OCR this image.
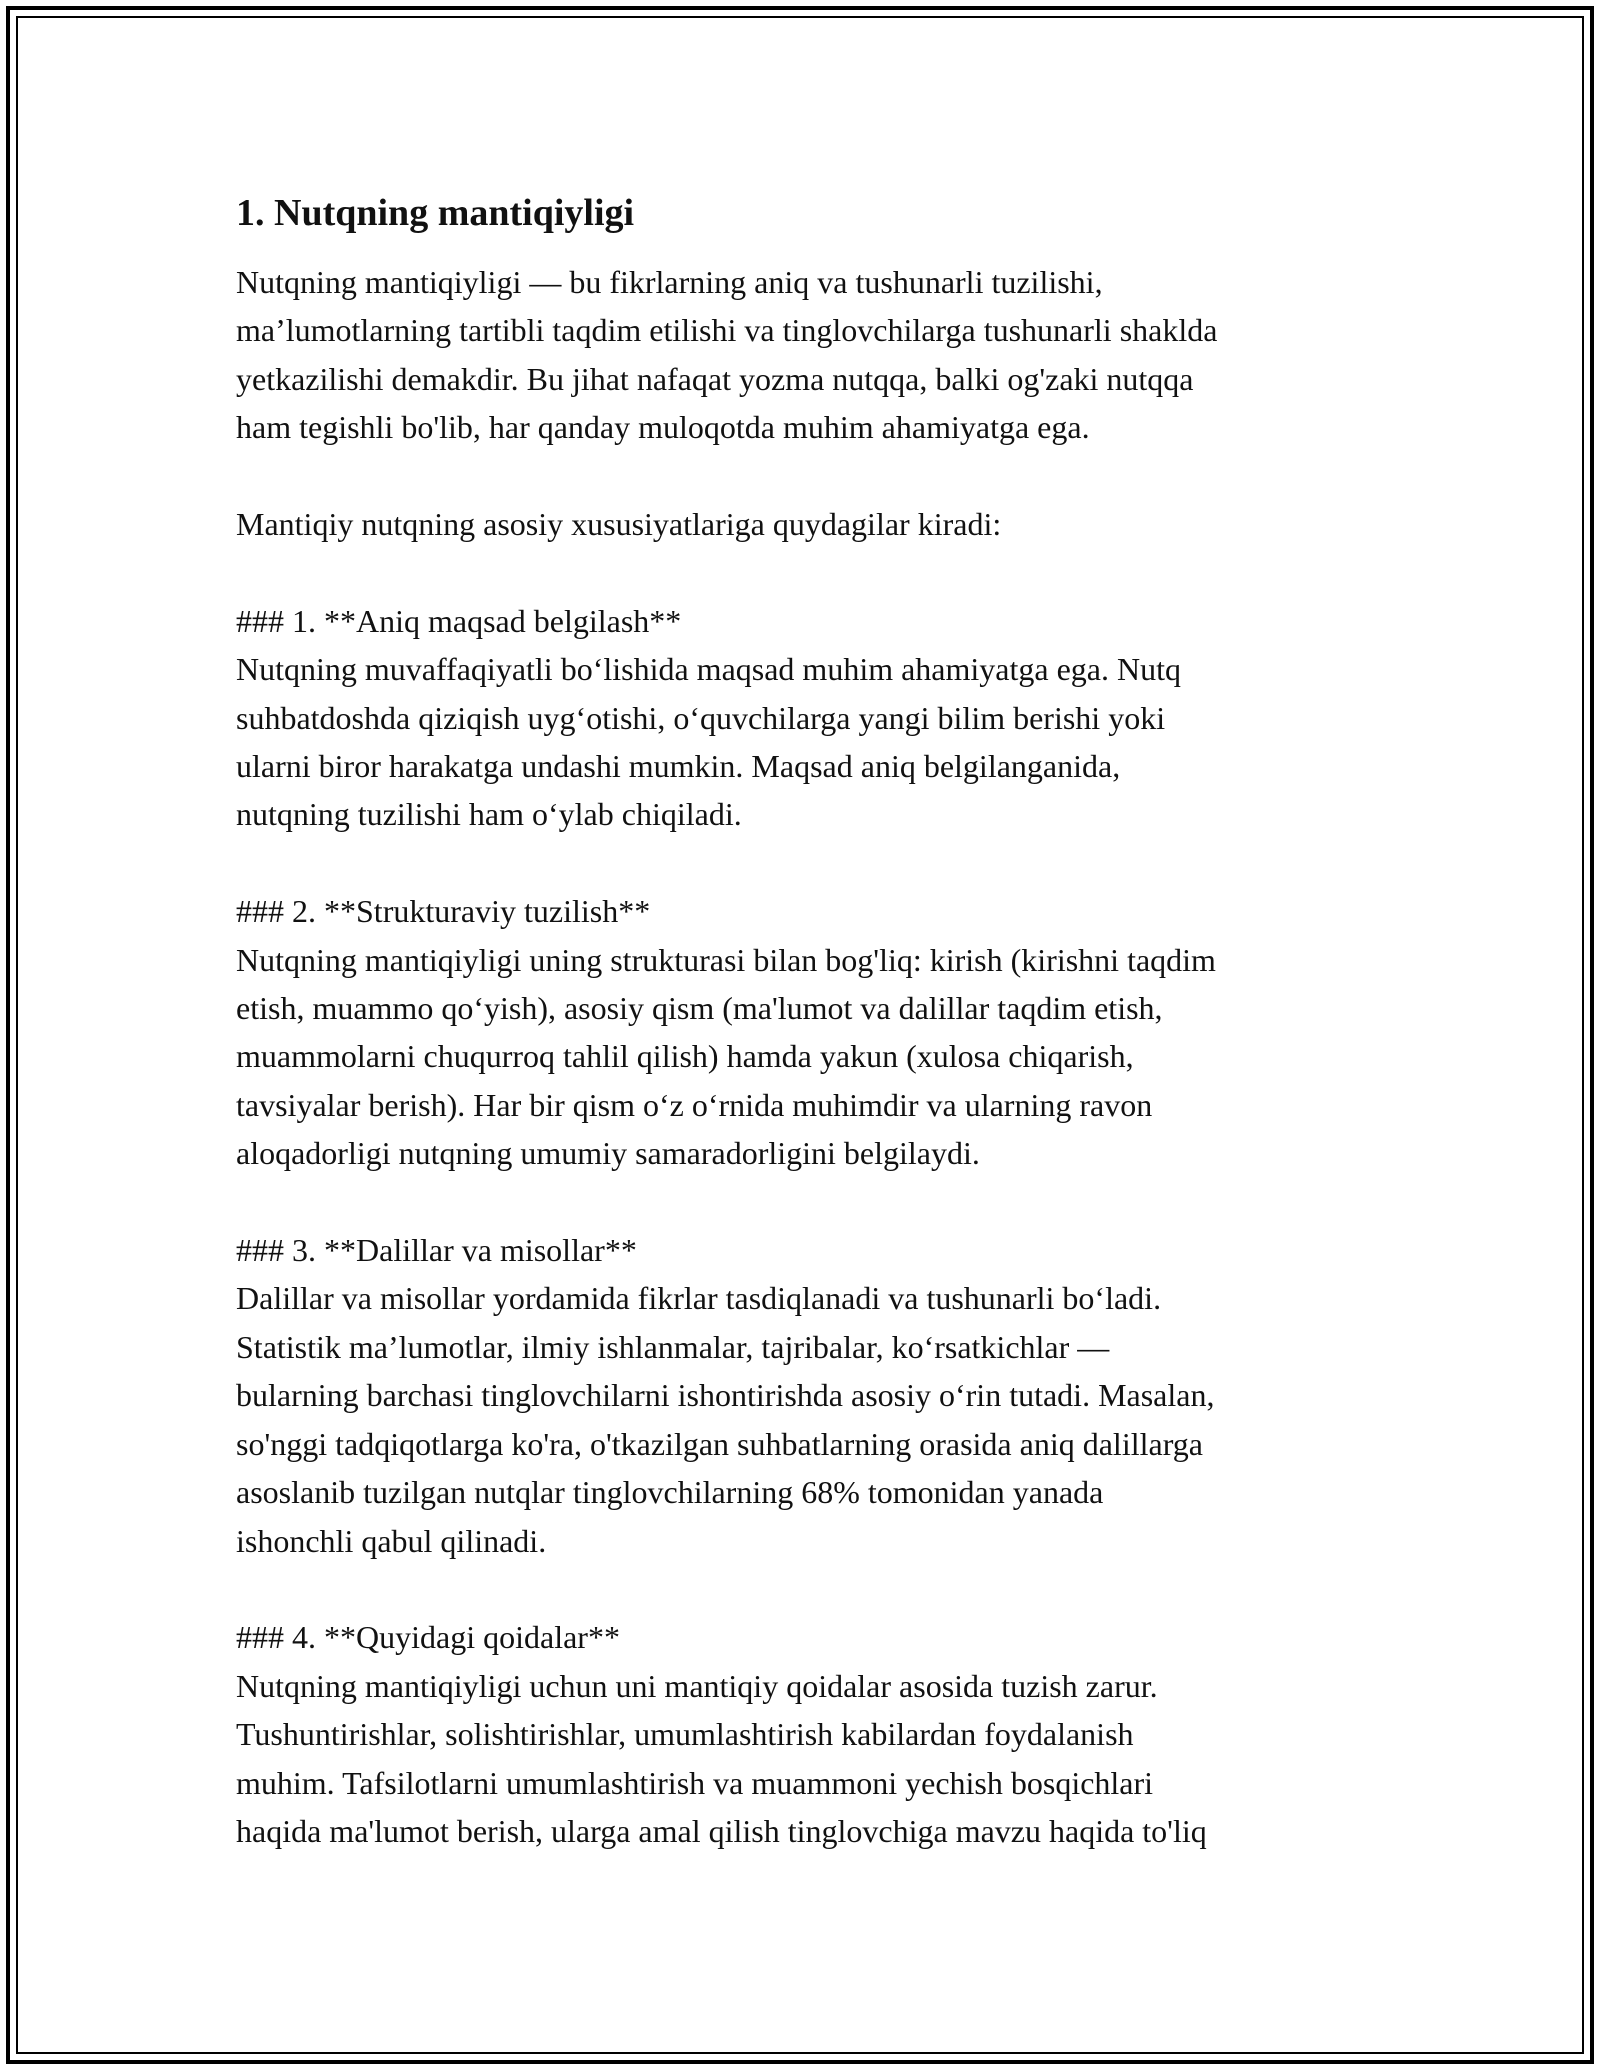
1. Nutqning mantiqiyligi
Nutqning mantiqiyligi — bu fikrlarning aniq va tushunarli tuzilishi,
ma’lumotlarning tartibli taqdim etilishi va tinglovchilarga tushunarli shaklda
yetkazilishi demakdir. Bu jihat nafaqat yozma nutqqa, balki og'zaki nutqqa
ham tegishli bo'lib, har qanday muloqotda muhim ahamiyatga ega.
Mantiqiy nutqning asosiy xususiyatlariga quydagilar kiradi:
### 1. **Aniq maqsad belgilash**
Nutqning muvaffaqiyatli boʻlishida maqsad muhim ahamiyatga ega. Nutq
suhbatdoshda qiziqish uygʻotishi, oʻquvchilarga yangi bilim berishi yoki
ularni biror harakatga undashi mumkin. Maqsad aniq belgilanganida,
nutqning tuzilishi ham oʻylab chiqiladi.
### 2. **Strukturaviy tuzilish**
Nutqning mantiqiyligi uning strukturasi bilan bog'liq: kirish (kirishni taqdim
etish, muammo qoʻyish), asosiy qism (ma'lumot va dalillar taqdim etish,
muammolarni chuqurroq tahlil qilish) hamda yakun (xulosa chiqarish,
tavsiyalar berish). Har bir qism oʻz oʻrnida muhimdir va ularning ravon
aloqadorligi nutqning umumiy samaradorligini belgilaydi.
### 3. **Dalillar va misollar**
Dalillar va misollar yordamida fikrlar tasdiqlanadi va tushunarli boʻladi.
Statistik ma’lumotlar, ilmiy ishlanmalar, tajribalar, koʻrsatkichlar —
bularning barchasi tinglovchilarni ishontirishda asosiy oʻrin tutadi. Masalan,
so'nggi tadqiqotlarga ko'ra, o'tkazilgan suhbatlarning orasida aniq dalillarga
asoslanib tuzilgan nutqlar tinglovchilarning 68% tomonidan yanada
ishonchli qabul qilinadi.
### 4. **Quyidagi qoidalar**
Nutqning mantiqiyligi uchun uni mantiqiy qoidalar asosida tuzish zarur.
Tushuntirishlar, solishtirishlar, umumlashtirish kabilardan foydalanish
muhim. Tafsilotlarni umumlashtirish va muammoni yechish bosqichlari
haqida ma'lumot berish, ularga amal qilish tinglovchiga mavzu haqida to'liq
